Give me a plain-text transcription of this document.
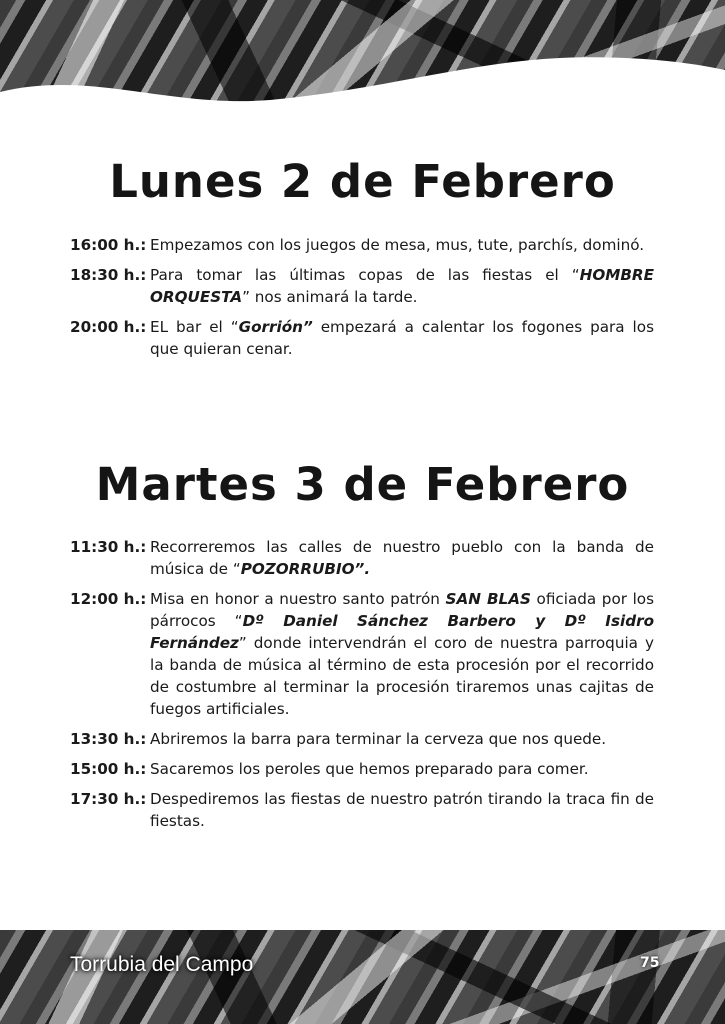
Lunes 2 de Febrero
16:00 h.: Empezamos con los juegos de mesa, mus, tute, parchís, dominó.
18:30 h.: Para tomar las últimas copas de las fiestas el “HOMBRE ORQUESTA” nos animará la tarde.
20:00 h.: EL bar el “Gorrión” empezará a calentar los fogones para los que quieran cenar.
Martes 3 de Febrero
11:30 h.: Recorreremos las calles de nuestro pueblo con la banda de música de “POZORRUBIO”.
12:00 h.: Misa en honor a nuestro santo patrón SAN BLAS oficiada por los párrocos “Dº Daniel Sánchez Barbero y Dº Isidro Fernández” donde intervendrán el coro de nuestra parroquia y la banda de música al término de esta procesión por el recorrido de costumbre al terminar la procesión tiraremos unas cajitas de fuegos artificiales.
13:30 h.: Abriremos la barra para terminar la cerveza que nos quede.
15:00 h.: Sacaremos los peroles que hemos preparado para comer.
17:30 h.: Despediremos las fiestas de nuestro patrón tirando la traca fin de fiestas.
Torrubia del Campo	75
